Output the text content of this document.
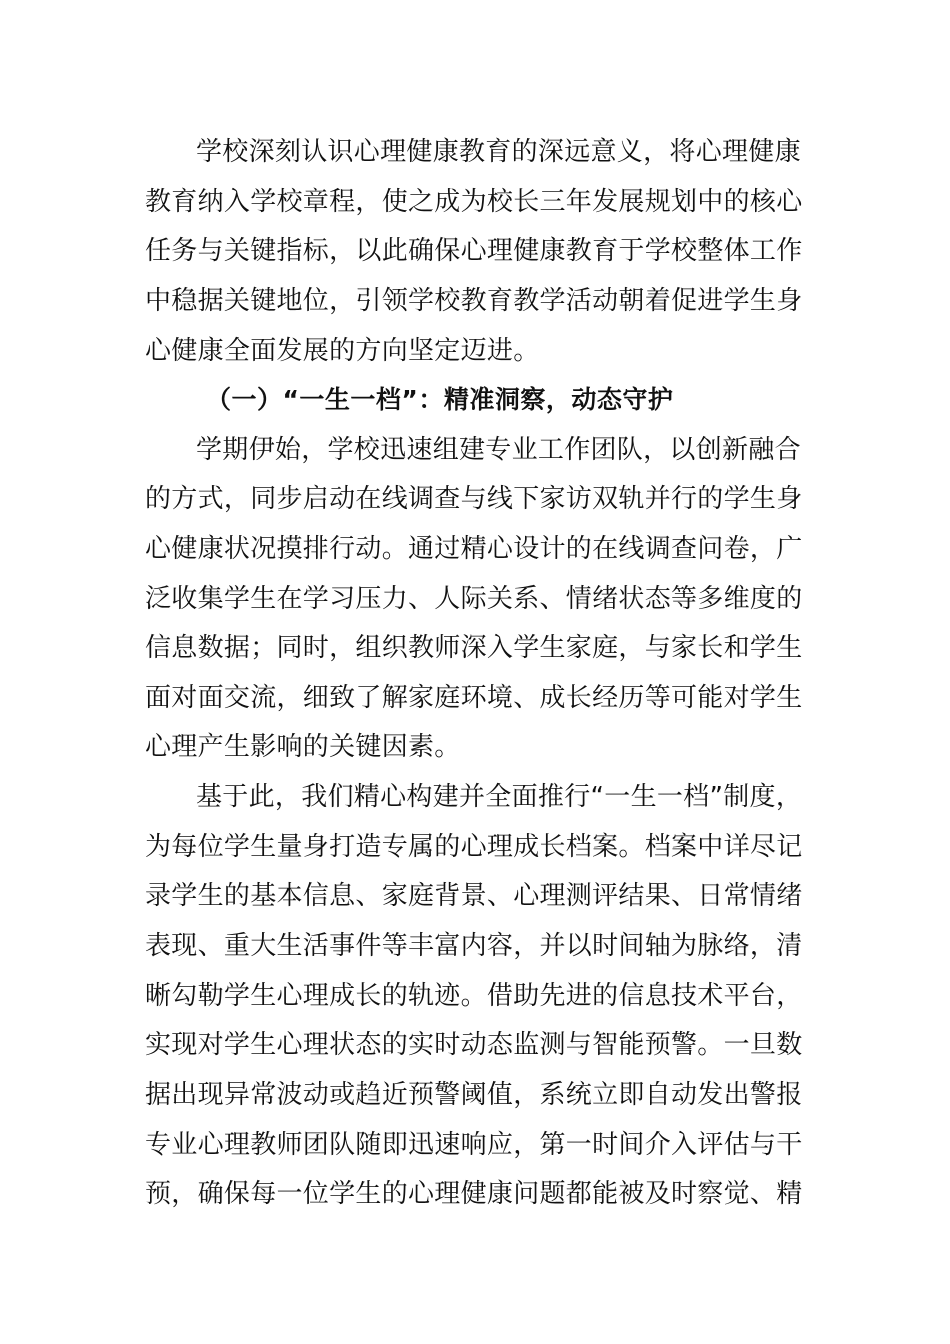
学校深刻认识心理健康教育的深远意义，将心理健康
教育纳入学校章程，使之成为校长三年发展规划中的核心
任务与关键指标，以此确保心理健康教育于学校整体工作
中稳据关键地位，引领学校教育教学活动朝着促进学生身
心健康全面发展的方向坚定迈进。
（一）“一生一档”：精准洞察，动态守护
学期伊始，学校迅速组建专业工作团队，以创新融合
的方式，同步启动在线调查与线下家访双轨并行的学生身
心健康状况摸排行动。通过精心设计的在线调查问卷，广
泛收集学生在学习压力、人际关系、情绪状态等多维度的
信息数据；同时，组织教师深入学生家庭，与家长和学生
面对面交流，细致了解家庭环境、成长经历等可能对学生
心理产生影响的关键因素。
基于此，我们精心构建并全面推行“一生一档”制度，
为每位学生量身打造专属的心理成长档案。档案中详尽记
录学生的基本信息、家庭背景、心理测评结果、日常情绪
表现、重大生活事件等丰富内容，并以时间轴为脉络，清
晰勾勒学生心理成长的轨迹。借助先进的信息技术平台，
实现对学生心理状态的实时动态监测与智能预警。一旦数
据出现异常波动或趋近预警阈值，系统立即自动发出警报
专业心理教师团队随即迅速响应，第一时间介入评估与干
预，确保每一位学生的心理健康问题都能被及时察觉、精
